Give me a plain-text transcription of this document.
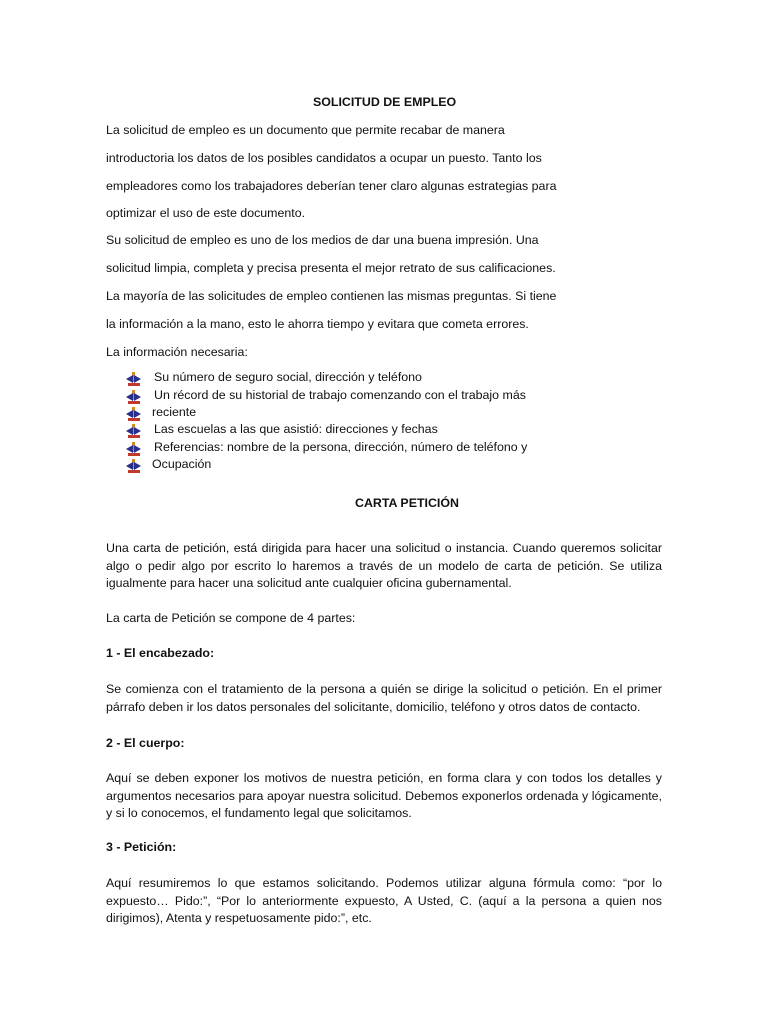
SOLICITUD DE EMPLEO
La solicitud de empleo es un documento que permite recabar de manera
introductoria los datos de los posibles candidatos a ocupar un puesto. Tanto los
empleadores como los trabajadores deberían tener claro algunas estrategias para
optimizar el uso de este documento.
Su solicitud de empleo es uno de los medios de dar una buena impresión. Una
solicitud limpia, completa y precisa presenta el mejor retrato de sus calificaciones.
La mayoría de las solicitudes de empleo contienen las mismas preguntas. Si tiene
la información a la mano, esto le ahorra tiempo y evitara que cometa errores.
La información necesaria:
Su número de seguro social, dirección y teléfono
Un récord de su historial de trabajo comenzando con el trabajo más
reciente
Las escuelas a las que asistió: direcciones y fechas
Referencias: nombre de la persona, dirección, número de teléfono y
Ocupación
CARTA PETICIÓN

Una carta de petición, está dirigida para hacer una solicitud o instancia. Cuando queremos solicitar algo o pedir algo por escrito lo haremos a través de un modelo de carta de petición. Se utiliza igualmente para hacer una solicitud ante cualquier oficina gubernamental.

La carta de Petición se compone de 4 partes:
1 - El encabezado:

Se comienza con el tratamiento de la persona a quién se dirige la solicitud o petición. En el primer párrafo deben ir los datos personales del solicitante, domicilio, teléfono y otros datos de contacto.

2 - El cuerpo:

Aquí se deben exponer los motivos de nuestra petición, en forma clara y con todos los detalles y argumentos necesarios para apoyar nuestra solicitud. Debemos exponerlos ordenada y lógicamente, y si lo conocemos, el fundamento legal que solicitamos.

3 - Petición:

Aquí resumiremos lo que estamos solicitando. Podemos utilizar alguna fórmula como: “por lo expuesto… Pido:”, “Por lo anteriormente expuesto, A Usted, C. (aquí a la persona a quien nos dirigimos), Atenta y respetuosamente pido:”, etc.
